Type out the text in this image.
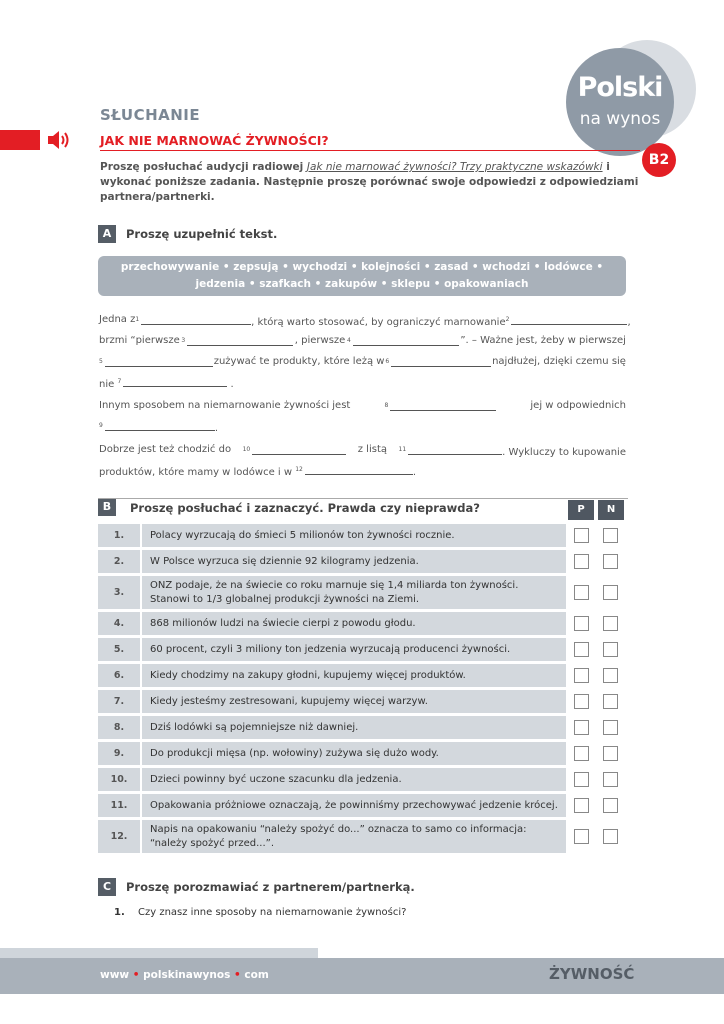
Polski
na wynos
B2
SŁUCHANIE
JAK NIE MARNOWAĆ ŻYWNOŚCI?
Proszę posłuchać audycji radiowej Jak nie marnować żywności? Trzy praktyczne wskazówki i wykonać poniższe zadania. Następnie proszę porównać swoje odpowiedzi z odpowiedziami partnera/partnerki.
A	Proszę uzupełnić tekst.
przechowywanie • zepsują • wychodzi • kolejności • zasad • wchodzi • lodówce •
jedzenia • szafkach • zakupów • sklepu • opakowaniach
Jedna z $^1$	, którą warto stosować, by ograniczyć marnowanie $^2$	,
brzmi “pierwsze $^3$	, pierwsze $^4$	”. – Ważne jest, żeby w pierwszej
$^5$	zużywać te produkty, które leżą w $^6$	najdłużej, dzięki czemu się
nie $^7$	.
Innym sposobem na niemarnowanie żywności jest	$^8$	jej w odpowiednich
$^9$	.
Dobrze jest też chodzić do $^{10}$	z listą $^{11}$	. Wykluczy to kupowanie
produktów, które mamy w lodówce i w $^{12}$	.
B	Proszę posłuchać i zaznaczyć. Prawda czy nieprawda?	P	N
1.	Polacy wyrzucają do śmieci 5 milionów ton żywności rocznie.
2.	W Polsce wyrzuca się dziennie 92 kilogramy jedzenia.
3.
ONZ podaje, że na świecie co roku marnuje się 1,4 miliarda ton żywności. Stanowi to 1/3 globalnej produkcji żywności na Ziemi.
4.	868 milionów ludzi na świecie cierpi z powodu głodu.
5.	60 procent, czyli 3 miliony ton jedzenia wyrzucają producenci żywności.
6.	Kiedy chodzimy na zakupy głodni, kupujemy więcej produktów.
7.	Kiedy jesteśmy zestresowani, kupujemy więcej warzyw.
8.	Dziś lodówki są pojemniejsze niż dawniej.
9.	Do produkcji mięsa (np. wołowiny) zużywa się dużo wody.
10.	Dzieci powinny być uczone szacunku dla jedzenia.
11.	Opakowania próżniowe oznaczają, że powinniśmy przechowywać jedzenie krócej.
12.
Napis na opakowaniu “należy spożyć do...” oznacza to samo co informacja: “należy spożyć przed...”.
C	Proszę porozmawiać z partnerem/partnerką.
1. Czy znasz inne sposoby na niemarnowanie żywności?
www • polskinawynos • com	ŻYWNOŚĆ
